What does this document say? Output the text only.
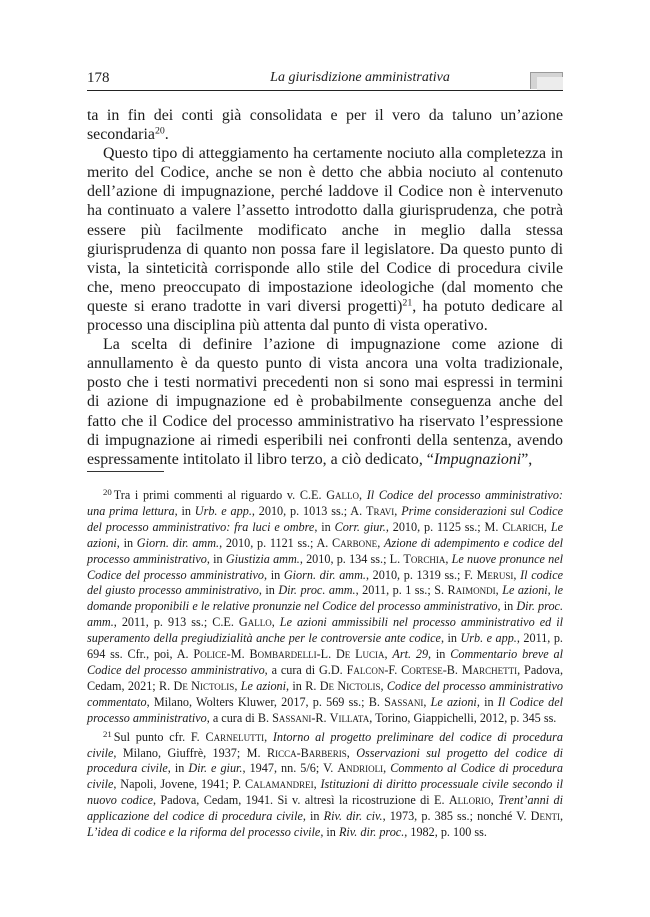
178	La giurisdizione amministrativa

ta in fin dei conti già consolidata e per il vero da taluno un’azione secondaria$^{20}$.

Questo tipo di atteggiamento ha certamente nociuto alla completezza in merito del Codice, anche se non è detto che abbia nociuto al contenuto dell’azione di impugnazione, perché laddove il Codice non è intervenuto ha continuato a valere l’assetto introdotto dalla giurisprudenza, che potrà essere più facilmente modificato anche in meglio dalla stessa giurisprudenza di quanto non possa fare il legislatore. Da questo punto di vista, la sinteticità corrisponde allo stile del Codice di procedura civile che, meno preoccupato di impostazione ideologiche (dal momento che queste si erano tradotte in vari diversi progetti)$^{21}$, ha potuto dedicare al processo una disciplina più attenta dal punto di vista operativo.

La scelta di definire l’azione di impugnazione come azione di annullamento è da questo punto di vista ancora una volta tradizionale, posto che i testi normativi precedenti non si sono mai espressi in termini di azione di impugnazione ed è probabilmente conseguenza anche del fatto che il Codice del processo amministrativo ha riservato l’espressione di impugnazione ai rimedi esperibili nei confronti della sentenza, avendo espressamente intitolato il libro terzo, a ciò dedicato, “Impugnazioni”,

$^{20}$ Tra i primi commenti al riguardo v. C.E. Gallo, Il Codice del processo amministrativo: una prima lettura, in Urb. e app., 2010, p. 1013 ss.; A. Travi, Prime considerazioni sul Codice del processo amministrativo: fra luci e ombre, in Corr. giur., 2010, p. 1125 ss.; M. Clarich, Le azioni, in Giorn. dir. amm., 2010, p. 1121 ss.; A. Carbone, Azione di adempimento e codice del processo amministrativo, in Giustizia amm., 2010, p. 134 ss.; L. Torchia, Le nuove pronunce nel Codice del processo amministrativo, in Giorn. dir. amm., 2010, p. 1319 ss.; F. Merusi, Il codice del giusto processo amministrativo, in Dir. proc. amm., 2011, p. 1 ss.; S. Raimondi, Le azioni, le domande proponibili e le relative pronunzie nel Codice del processo amministrativo, in Dir. proc. amm., 2011, p. 913 ss.; C.E. Gallo, Le azioni ammissibili nel processo amministrativo ed il superamento della pregiudizialità anche per le controversie ante codice, in Urb. e app., 2011, p. 694 ss. Cfr., poi, A. Police-M. Bombardelli-L. De Lucia, Art. 29, in Commentario breve al Codice del processo amministrativo, a cura di G.D. Falcon-F. Cortese-B. Marchetti, Padova, Cedam, 2021; R. De Nictolis, Le azioni, in R. De Nictolis, Codice del processo amministrativo commentato, Milano, Wolters Kluwer, 2017, p. 569 ss.; B. Sassani, Le azioni, in Il Codice del processo amministrativo, a cura di B. Sassani-R. Villata, Torino, Giappichelli, 2012, p. 345 ss.

$^{21}$ Sul punto cfr. F. Carnelutti, Intorno al progetto preliminare del codice di procedura civile, Milano, Giuffrè, 1937; M. Ricca-Barberis, Osservazioni sul progetto del codice di procedura civile, in Dir. e giur., 1947, nn. 5/6; V. Andrioli, Commento al Codice di procedura civile, Napoli, Jovene, 1941; P. Calamandrei, Istituzioni di diritto processuale civile secondo il nuovo codice, Padova, Cedam, 1941. Si v. altresì la ricostruzione di E. Allorio, Trent’anni di applicazione del codice di procedura civile, in Riv. dir. civ., 1973, p. 385 ss.; nonché V. Denti, L’idea di codice e la riforma del processo civile, in Riv. dir. proc., 1982, p. 100 ss.
